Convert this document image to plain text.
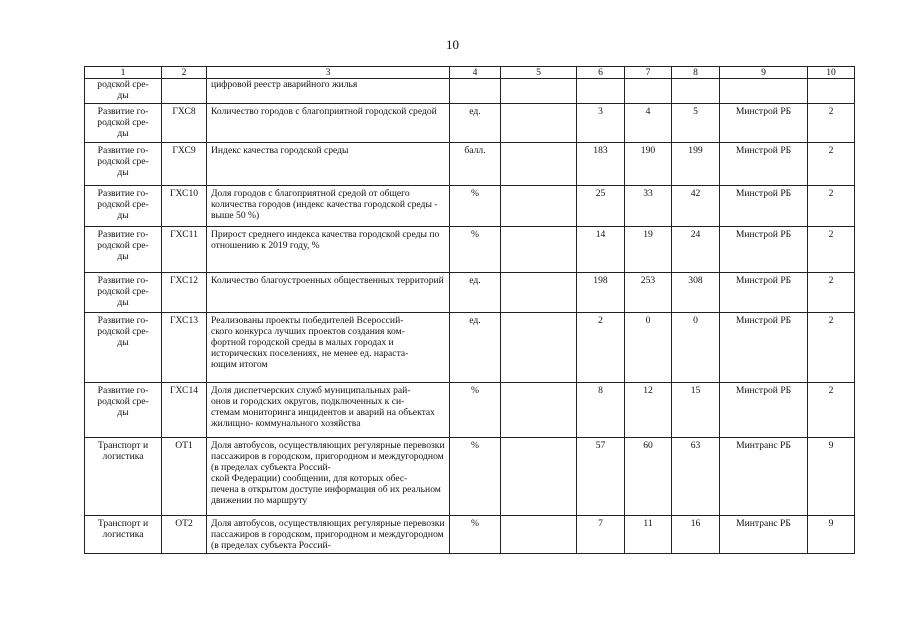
10
1	2	3	4	5	6	7	8	9	10
родской сре-
ды		цифровой реестр аварийного жилья							
Развитие го-
родской сре-
ды	ГХС8	Количество городов с благоприятной городской средой	ед.		3	4	5	Минстрой РБ	2
Развитие го-
родской сре-
ды	ГХС9	Индекс качества городской среды	балл.		183	190	199	Минстрой РБ	2
Развитие го-
родской сре-
ды	ГХС10	Доля городов с благоприятной средой от общего количества городов (индекс качества городской среды - выше 50 %)	%		25	33	42	Минстрой РБ	2
Развитие го-
родской сре-
ды	ГХС11	Прирост среднего индекса качества городской среды по отношению к 2019 году, %	%		14	19	24	Минстрой РБ	2
Развитие го-
родской сре-
ды	ГХС12	Количество благоустроенных общественных территорий	ед.		198	253	308	Минстрой РБ	2
Развитие го-
родской сре-
ды	ГХС13	Реализованы проекты победителей Всероссий-
ского конкурса лучших проектов создания ком-
фортной городской среды в малых городах и исторических поселениях, не менее ед. нараста-
ющим итогом	ед.		2	0	0	Минстрой РБ	2
Развитие го-
родской сре-
ды	ГХС14	Доля диспетчерских служб муниципальных рай-
онов и городских округов, подключенных к си-
стемам мониторинга инцидентов и аварий на объектах жилищно- коммунального хозяйства	%		8	12	15	Минстрой РБ	2
Транспорт и
логистика	ОТ1	Доля автобусов, осуществляющих регулярные перевозки пассажиров в городском, пригородном и междугородном (в пределах субъекта Россий-
ской Федерации) сообщении, для которых обес-
печена в открытом доступе информация об их реальном движении по маршруту	%		57	60	63	Минтранс РБ	9
Транспорт и
логистика	ОТ2	Доля автобусов, осуществляющих регулярные перевозки пассажиров в городском, пригородном и междугородном (в пределах субъекта Россий-	%		7	11	16	Минтранс РБ	9
